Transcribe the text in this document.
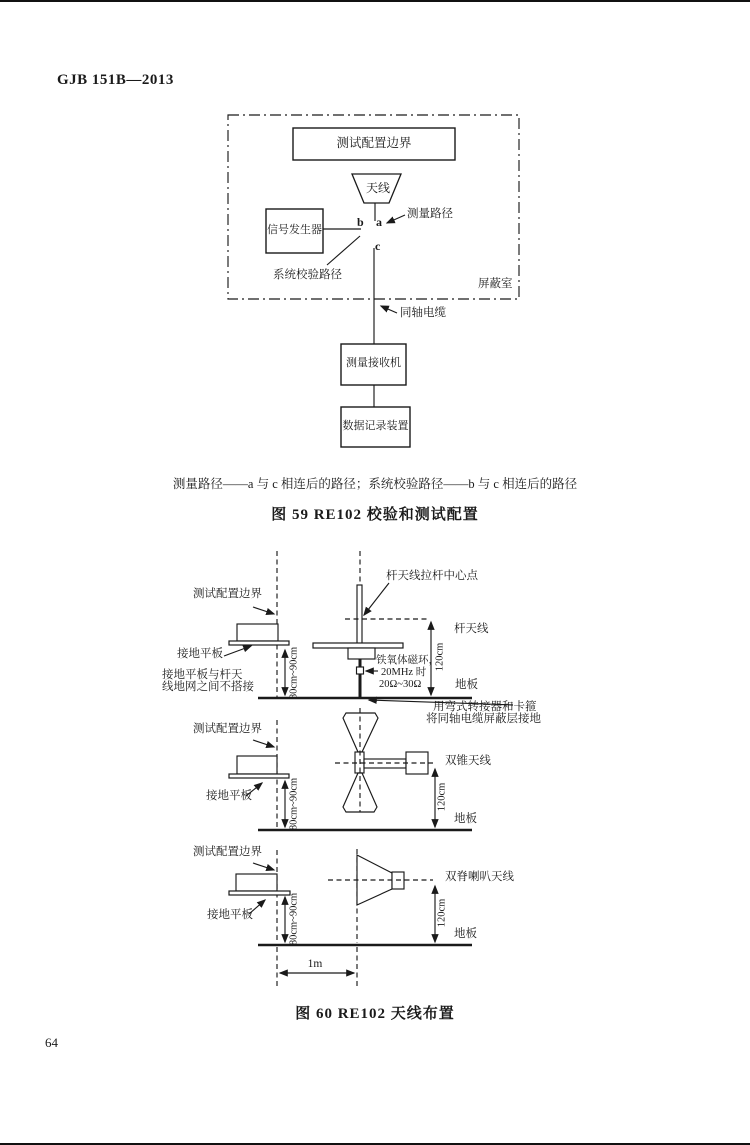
GJB 151B—2013
64
测试配置边界
天线
信号发生器
b a
c
测量路径
系统校验路径
屏蔽室
同轴电缆
测量接收机
数据记录装置
测量路径——a 与 c 相连后的路径；系统校验路径——b 与 c 相连后的路径
图 59 RE102 校验和测试配置
测试配置边界
杆天线拉杆中心点
杆天线
接地平板
接地平板与杆天
线地网之间不搭接	80cm~90cm	铁氧体磁环，
20MHz 时
20Ω~30Ω
120cm
地板
用弯式转接器和卡箍
将同轴电缆屏蔽层接地
测试配置边界
接地平板	80cm~90cm
双锥天线
120cm
地板
测试配置边界
接地平板	80cm~90cm
双脊喇叭天线
120cm
地板
1m
图 60 RE102 天线布置
